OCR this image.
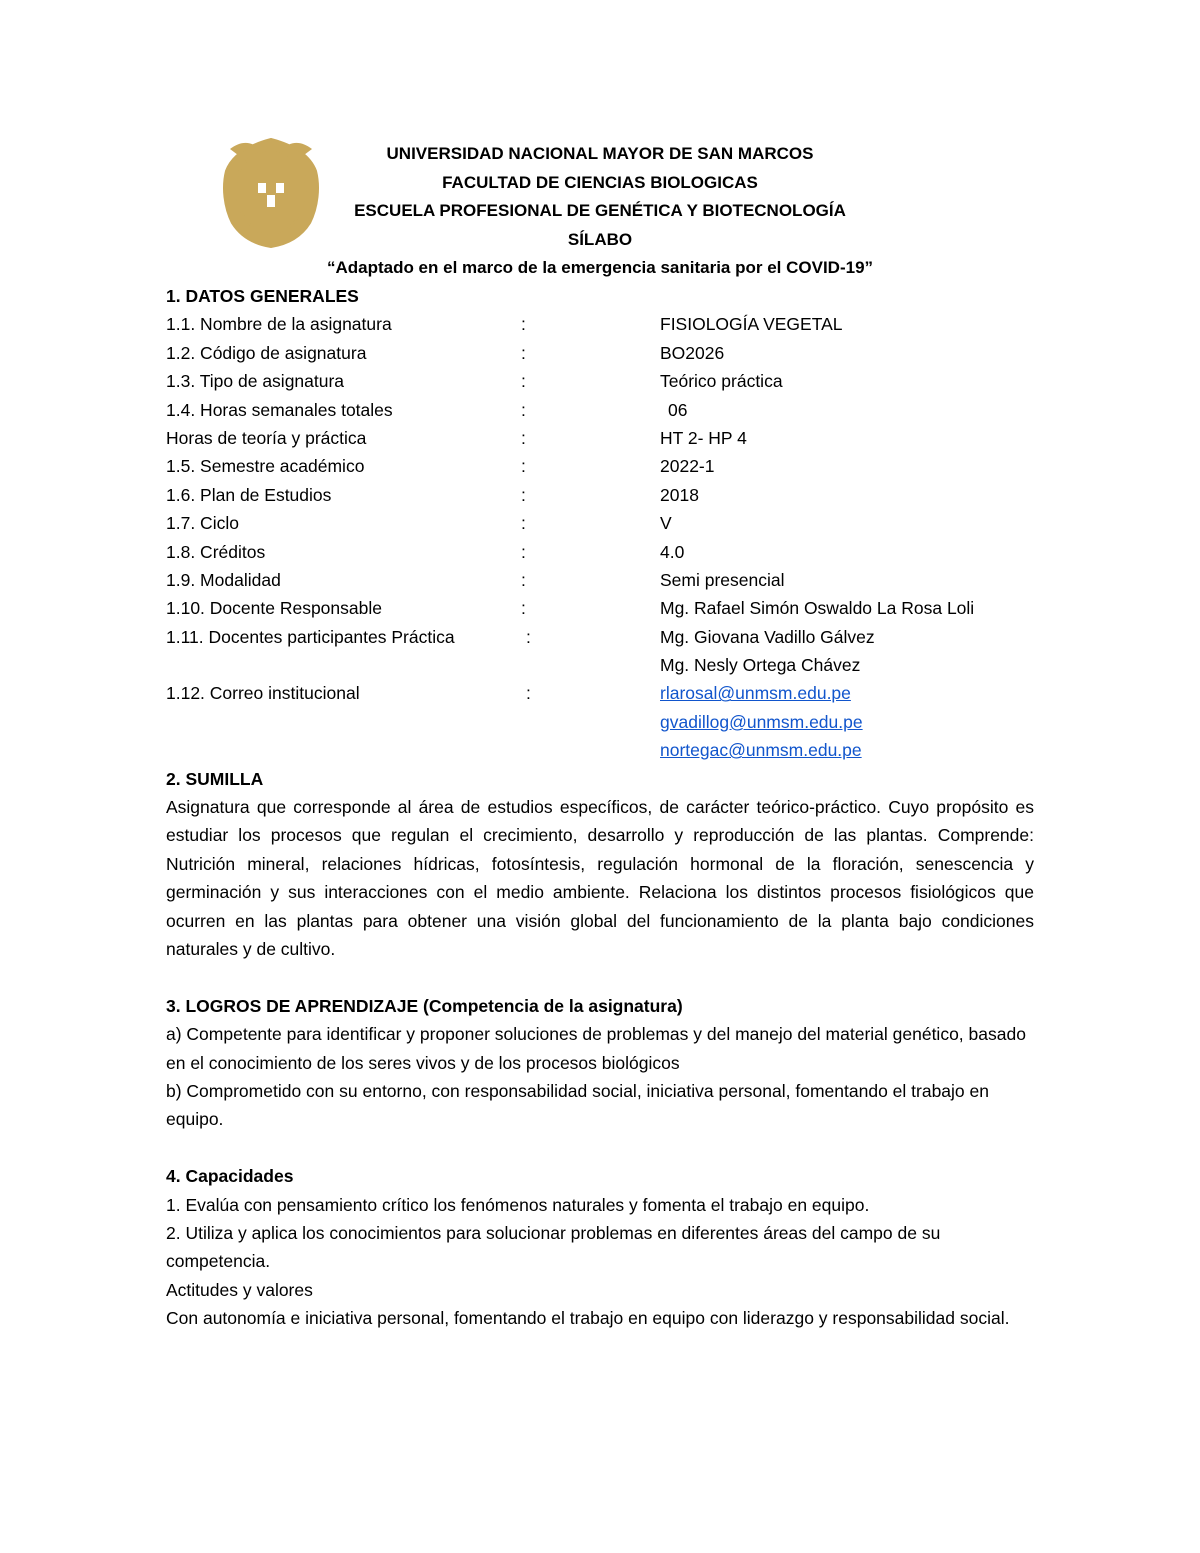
UNIVERSIDAD NACIONAL MAYOR DE SAN MARCOS
FACULTAD DE CIENCIAS BIOLOGICAS
ESCUELA PROFESIONAL DE GENÉTICA Y BIOTECNOLOGÍA
SÍLABO
“Adaptado en el marco de la emergencia sanitaria por el COVID-19”
1. DATOS GENERALES
1.1. Nombre de la asignatura	:	FISIOLOGÍA VEGETAL
1.2. Código de asignatura	:	BO2026
1.3. Tipo de asignatura	:	Teórico práctica
1.4. Horas semanales totales	:	06
Horas de teoría y práctica	:	HT 2- HP 4
1.5. Semestre académico	:	2022-1
1.6. Plan de Estudios	:	2018
1.7. Ciclo	:	V
1.8. Créditos	:	4.0
1.9. Modalidad	:	Semi presencial
1.10. Docente Responsable	:	Mg. Rafael Simón Oswaldo La Rosa Loli
1.11. Docentes participantes Práctica	:	Mg. Giovana Vadillo Gálvez
Mg. Nesly Ortega Chávez
1.12. Correo institucional	:	rlarosal@unmsm.edu.pe
gvadillog@unmsm.edu.pe
nortegac@unmsm.edu.pe
2. SUMILLA

Asignatura que corresponde al área de estudios específicos, de carácter teórico-práctico. Cuyo propósito es estudiar los procesos que regulan el crecimiento, desarrollo y reproducción de las plantas. Comprende: Nutrición mineral, relaciones hídricas, fotosíntesis, regulación hormonal de la floración, senescencia y germinación y sus interacciones con el medio ambiente. Relaciona los distintos procesos fisiológicos que ocurren en las plantas para obtener una visión global del funcionamiento de la planta bajo condiciones naturales y de cultivo.

3. LOGROS DE APRENDIZAJE (Competencia de la asignatura)

a) Competente para identificar y proponer soluciones de problemas y del manejo del material genético, basado en el conocimiento de los seres vivos y de los procesos biológicos

b) Comprometido con su entorno, con responsabilidad social, iniciativa personal, fomentando el trabajo en equipo.

4. Capacidades

1. Evalúa con pensamiento crítico los fenómenos naturales y fomenta el trabajo en equipo.

2. Utiliza y aplica los conocimientos para solucionar problemas en diferentes áreas del campo de su competencia.

Actitudes y valores

Con autonomía e iniciativa personal, fomentando el trabajo en equipo con liderazgo y responsabilidad social.
